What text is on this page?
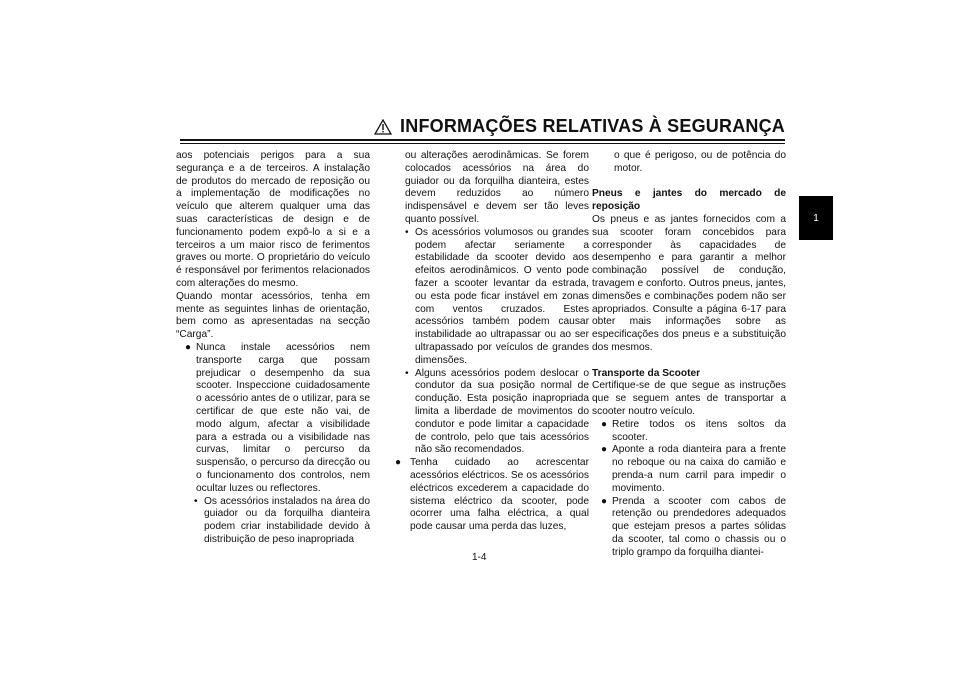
INFORMAÇÕES RELATIVAS À SEGURANÇA
1

aos potenciais perigos para a sua segurança e a de terceiros. A instalação de produtos do mercado de reposição ou a implementação de modificações no veículo que alterem qualquer uma das suas características de design e de funcionamento podem expô-lo a si e a terceiros a um maior risco de ferimentos graves ou morte. O proprietário do veículo é responsável por ferimentos relacionados com alterações do mesmo.

Quando montar acessórios, tenha em mente as seguintes linhas de orientação, bem como as apresentadas na secção “Carga”.

● Nunca instale acessórios nem transporte carga que possam prejudicar o desempenho da sua scooter. Inspeccione cuidadosamente o acessório antes de o utilizar, para se certificar de que este não vai, de modo algum, afectar a visibilidade para a estrada ou a visibilidade nas curvas, limitar o percurso da suspensão, o percurso da direcção ou o funcionamento dos controlos, nem ocultar luzes ou reflectores.

• Os acessórios instalados na área do guiador ou da forquilha dianteira podem criar instabilidade devido à distribuição de peso inapropriada

ou alterações aerodinâmicas. Se forem colocados acessórios na área do guiador ou da forquilha dianteira, estes devem reduzidos ao número indispensável e devem ser tão leves quanto possível.

• Os acessórios volumosos ou grandes podem afectar seriamente a estabilidade da scooter devido aos efeitos aerodinâmicos. O vento pode fazer a scooter levantar da estrada, ou esta pode ficar instável em zonas com ventos cruzados. Estes acessórios também podem causar instabilidade ao ultrapassar ou ao ser ultrapassado por veículos de grandes dimensões.

• Alguns acessórios podem deslocar o condutor da sua posição normal de condução. Esta posição inapropriada limita a liberdade de movimentos do condutor e pode limitar a capacidade de controlo, pelo que tais acessórios não são recomendados.

● Tenha cuidado ao acrescentar acessórios eléctricos. Se os acessórios eléctricos excederem a capacidade do sistema eléctrico da scooter, pode ocorrer uma falha eléctrica, a qual pode causar uma perda das luzes,

o que é perigoso, ou de potência do motor.

Pneus e jantes do mercado de reposição

Os pneus e as jantes fornecidos com a sua scooter foram concebidos para corresponder às capacidades de desempenho e para garantir a melhor combinação possível de condução, travagem e conforto. Outros pneus, jantes, dimensões e combinações podem não ser apropriados. Consulte a página 6-17 para obter mais informações sobre as especificações dos pneus e a substituição dos mesmos.

Transporte da Scooter

Certifique-se de que segue as instruções que se seguem antes de transportar a scooter noutro veículo.

● Retire todos os itens soltos da scooter.

● Aponte a roda dianteira para a frente no reboque ou na caixa do camião e prenda-a num carril para impedir o movimento.

● Prenda a scooter com cabos de retenção ou prendedores adequados que estejam presos a partes sólidas da scooter, tal como o chassis ou o triplo grampo da forquilha diantei-

1-4
